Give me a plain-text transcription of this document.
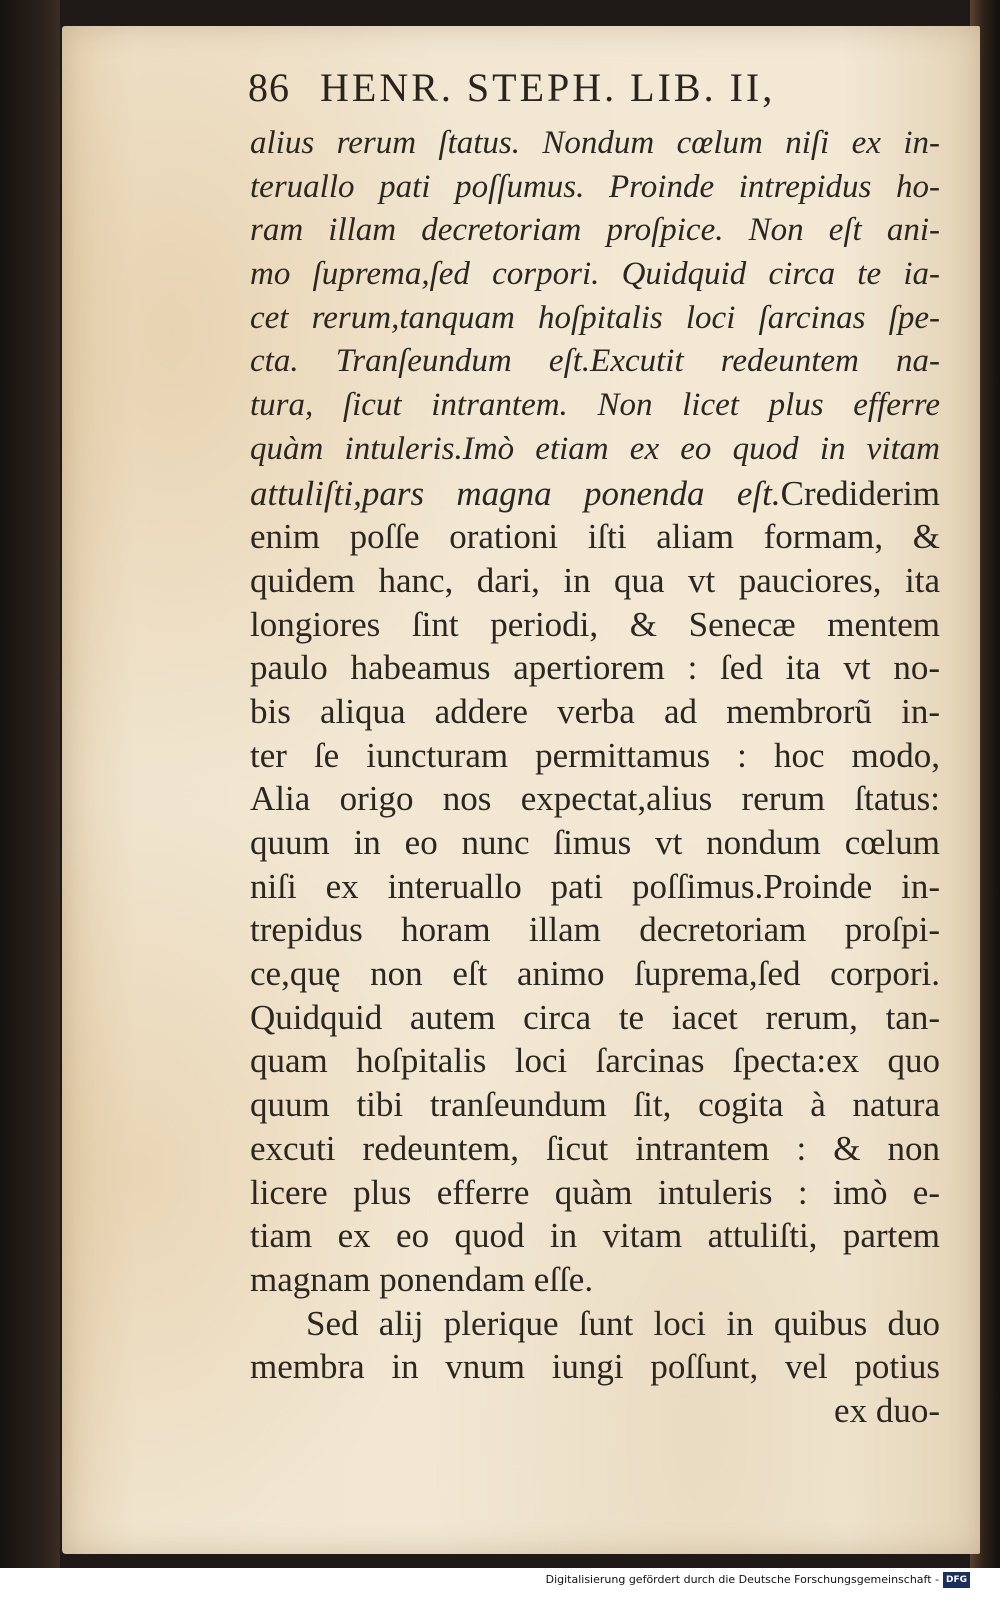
86 HENR. STEPH. LIB. II,
alius rerum ſtatus. Nondum cœlum niſi ex in-
teruallo pati poſſumus. Proinde intrepidus ho-
ram illam decretoriam proſpice. Non eſt ani-
mo ſuprema,ſed corpori. Quidquid circa te ia-
cet rerum,tanquam hoſpitalis loci ſarcinas ſpe-
cta. Tranſeundum eſt.Excutit redeuntem na-
tura, ſicut intrantem. Non licet plus efferre
quàm intuleris.Imò etiam ex eo quod in vitam
attuliſti,pars magna ponenda eſt.Crediderim
enim poſſe orationi iſti aliam formam, &
quidem hanc, dari, in qua vt pauciores, ita
longiores ſint periodi, & Senecæ mentem
paulo habeamus apertiorem : ſed ita vt no-
bis aliqua addere verba ad membrorũ in-
ter ſe iuncturam permittamus : hoc modo,
Alia origo nos expectat,alius rerum ſtatus:
quum in eo nunc ſimus vt nondum cœlum
niſi ex interuallo pati poſſimus.Proinde in-
trepidus horam illam decretoriam proſpi-
ce,quę non eſt animo ſuprema,ſed corpori.
Quidquid autem circa te iacet rerum, tan-
quam hoſpitalis loci ſarcinas ſpecta:ex quo
quum tibi tranſeundum ſit, cogita à natura
excuti redeuntem, ſicut intrantem : & non
licere plus efferre quàm intuleris : imò e-
tiam ex eo quod in vitam attuliſti, partem
magnam ponendam eſſe.
Sed alij plerique ſunt loci in quibus duo
membra in vnum iungi poſſunt, vel potius
ex duo-
Digitalisierung gefördert durch die Deutsche Forschungsgemeinschaft - DFG
